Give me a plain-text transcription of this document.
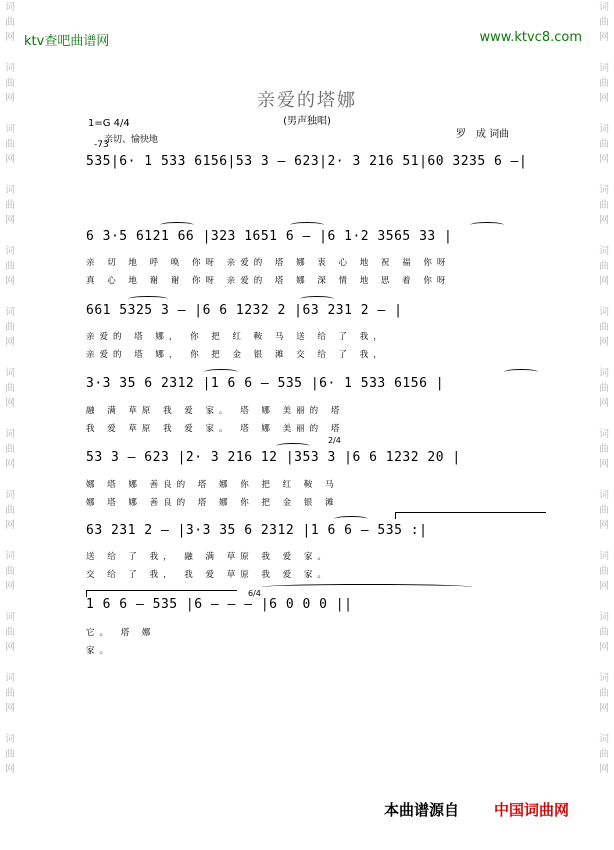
ktv查吧曲谱网	www.ktvc8.com
词
曲
网
词
曲
网
词
曲
网
词
曲
网
词
曲
网
词
曲
网
词
曲
网
词
曲
网
词
曲
网
词
曲
网
词
曲
网
词
曲
网
词
曲
网
词
曲
网
词
曲
网
词
曲
网
词
曲
网
词
曲
网
词
曲
网
词
曲
网
词
曲
网
词
曲
网
词
曲
网
词
曲
网
词
曲
网
词
曲
网
亲爱的塔娜
(男声独唱)
罗　成 词曲
1=G 4/4
亲切、愉快地
-73
535|6· 1 533 6156|53 3 – 623|2· 3 216 51|60 3235 6 –|
6 3·5 6121 66 |323 1651 6 – |6 1·2 3565 33 |
亲 切 地 呼 唤 你呀 亲爱的 塔 娜 衷 心 地 祝 福 你呀
真 心 地 谢 谢 你呀 亲爱的 塔 娜 深 情 地 思 着 你呀
661 5325 3 – |6 6 1232 2 |63 231 2 – |
亲爱的 塔 娜， 你 把 红 鞍 马 送 给 了 我，
亲爱的 塔 娜， 你 把 金 银 滩 交 给 了 我，
3·3 35 6 2312 |1 6 6 – 535 |6· 1 533 6156 |
融 满 草原 我 爱 家。 塔 娜 美丽的 塔
我 爱 草原 我 爱 家。 塔 娜 美丽的 塔
2/4
53 3 – 623 |2· 3 216 12 |353 3 |6 6 1232 20 |
娜 塔 娜 善良的 塔 娜 你 把 红 鞍 马
娜 塔 娜 善良的 塔 娜 你 把 金 银 滩
63 231 2 – |3·3 35 6 2312 |1 6 6 – 535 :|
送 给 了 我， 融 满 草原 我 爱 家。
交 给 了 我， 我 爱 草原 我 爱 家。
6/4
1 6 6 – 535 |6 – – – |6 0 0 0 ||
它。 塔 娜
家。
本曲谱源自 中国词曲网
